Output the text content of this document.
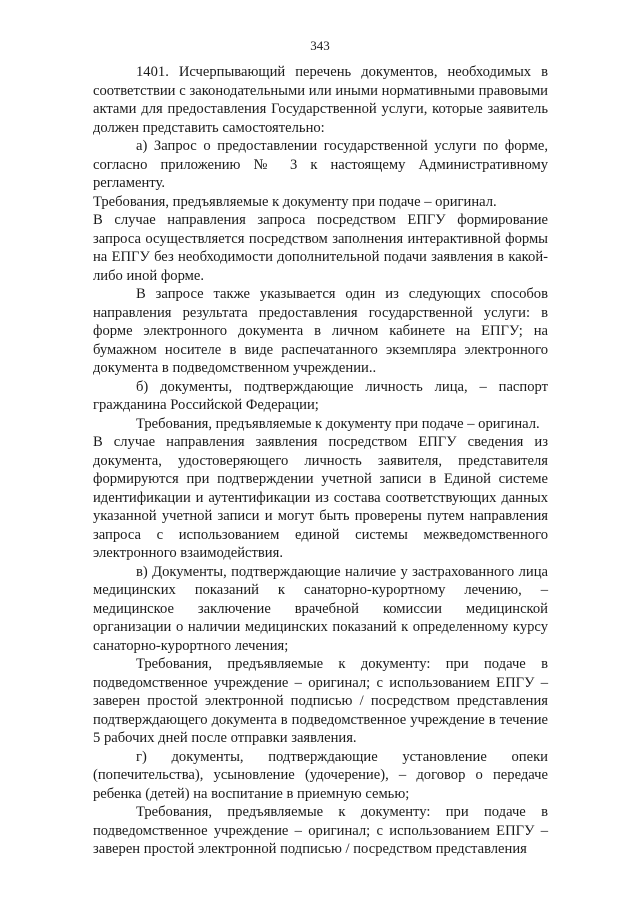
343

1401. Исчерпывающий перечень документов, необходимых в соответствии с законодательными или иными нормативными правовыми актами для предоставления Государственной услуги, которые заявитель должен представить самостоятельно:

а) Запрос о предоставлении государственной услуги по форме, согласно приложению № 3 к настоящему Административному регламенту.

Требования, предъявляемые к документу при подаче – оригинал.

В случае направления запроса посредством ЕПГУ формирование запроса осуществляется посредством заполнения интерактивной формы на ЕПГУ без необходимости дополнительной подачи заявления в какой-либо иной форме.

В запросе также указывается один из следующих способов направления результата предоставления государственной услуги: в форме электронного документа в личном кабинете на ЕПГУ; на бумажном носителе в виде распечатанного экземпляра электронного документа в подведомственном учреждении..

б) документы, подтверждающие личность лица, – паспорт гражданина Российской Федерации;

Требования, предъявляемые к документу при подаче – оригинал.

В случае направления заявления посредством ЕПГУ сведения из документа, удостоверяющего личность заявителя, представителя формируются при подтверждении учетной записи в Единой системе идентификации и аутентификации из состава соответствующих данных указанной учетной записи и могут быть проверены путем направления запроса с использованием единой системы межведомственного электронного взаимодействия.

в) Документы, подтверждающие наличие у застрахованного лица медицинских показаний к санаторно-курортному лечению, – медицинское заключение врачебной комиссии медицинской организации о наличии медицинских показаний к определенному курсу санаторно-курортного лечения;

Требования, предъявляемые к документу: при подаче в подведомственное учреждение – оригинал; с использованием ЕПГУ – заверен простой электронной подписью / посредством представления подтверждающего документа в подведомственное учреждение в течение 5 рабочих дней после отправки заявления.

г) документы, подтверждающие установление опеки (попечительства), усыновление (удочерение), – договор о передаче ребенка (детей) на воспитание в приемную семью;

Требования, предъявляемые к документу: при подаче в подведомственное учреждение – оригинал; с использованием ЕПГУ – заверен простой электронной подписью / посредством представления
